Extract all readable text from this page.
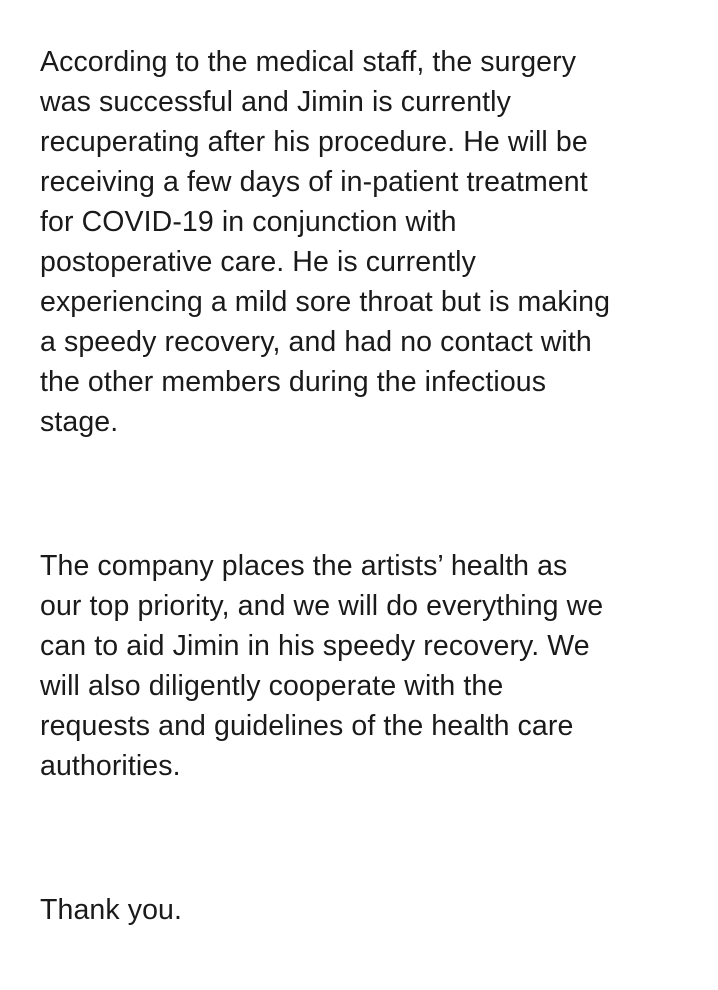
According to the medical staff, the surgery
was successful and Jimin is currently
recuperating after his procedure. He will be
receiving a few days of in-patient treatment
for COVID-19 in conjunction with
postoperative care. He is currently
experiencing a mild sore throat but is making
a speedy recovery, and had no contact with
the other members during the infectious
stage.

The company places the artists’ health as
our top priority, and we will do everything we
can to aid Jimin in his speedy recovery. We
will also diligently cooperate with the
requests and guidelines of the health care
authorities.

Thank you.
